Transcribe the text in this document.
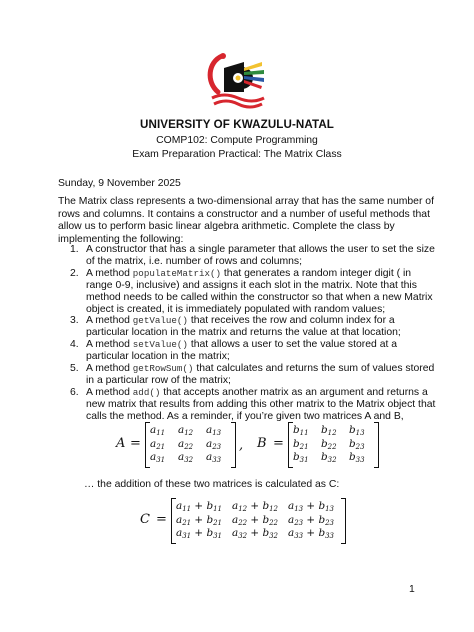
UNIVERSITY OF KWAZULU-NATAL
COMP102: Compute Programming
Exam Preparation Practical: The Matrix Class
Sunday, 9 November 2025
The Matrix class represents a two-dimensional array that has the same number of
rows and columns. It contains a constructor and a number of useful methods that
allow us to perform basic linear algebra arithmetic. Complete the class by
implementing the following:
1. A constructor that has a single parameter that allows the user to set the size
of the matrix, i.e. number of rows and columns;
2. A method populateMatrix() that generates a random integer digit ( in
range 0-9, inclusive) and assigns it each slot in the matrix. Note that this
method needs to be called within the constructor so that when a new Matrix
object is created, it is immediately populated with random values;
3. A method getValue() that receives the row and column index for a
particular location in the matrix and returns the value at that location;
4. A method setValue() that allows a user to set the value stored at a
particular location in the matrix;
5. A method getRowSum() that calculates and returns the sum of values stored
in a particular row of the matrix;
6. A method add() that accepts another matrix as an argument and returns a
new matrix that results from adding this other matrix to the Matrix object that
calls the method. As a reminder, if you’re given two matrices A and B,
A =
$a_{11}$ $a_{12}$ $a_{13}$
$a_{21}$ $a_{22}$ $a_{23}$
$a_{31}$ $a_{32}$ $a_{33}$
, B =
$b_{11}$ $b_{12}$ $b_{13}$
$b_{21}$ $b_{22}$ $b_{23}$
$b_{31}$ $b_{32}$ $b_{33}$
… the addition of these two matrices is calculated as C:
C =
$a_{11} + b_{11}$ $a_{12} + b_{12}$ $a_{13} + b_{13}$
$a_{21} + b_{21}$ $a_{22} + b_{22}$ $a_{23} + b_{23}$
$a_{31} + b_{31}$ $a_{32} + b_{32}$ $a_{33} + b_{33}$
1
